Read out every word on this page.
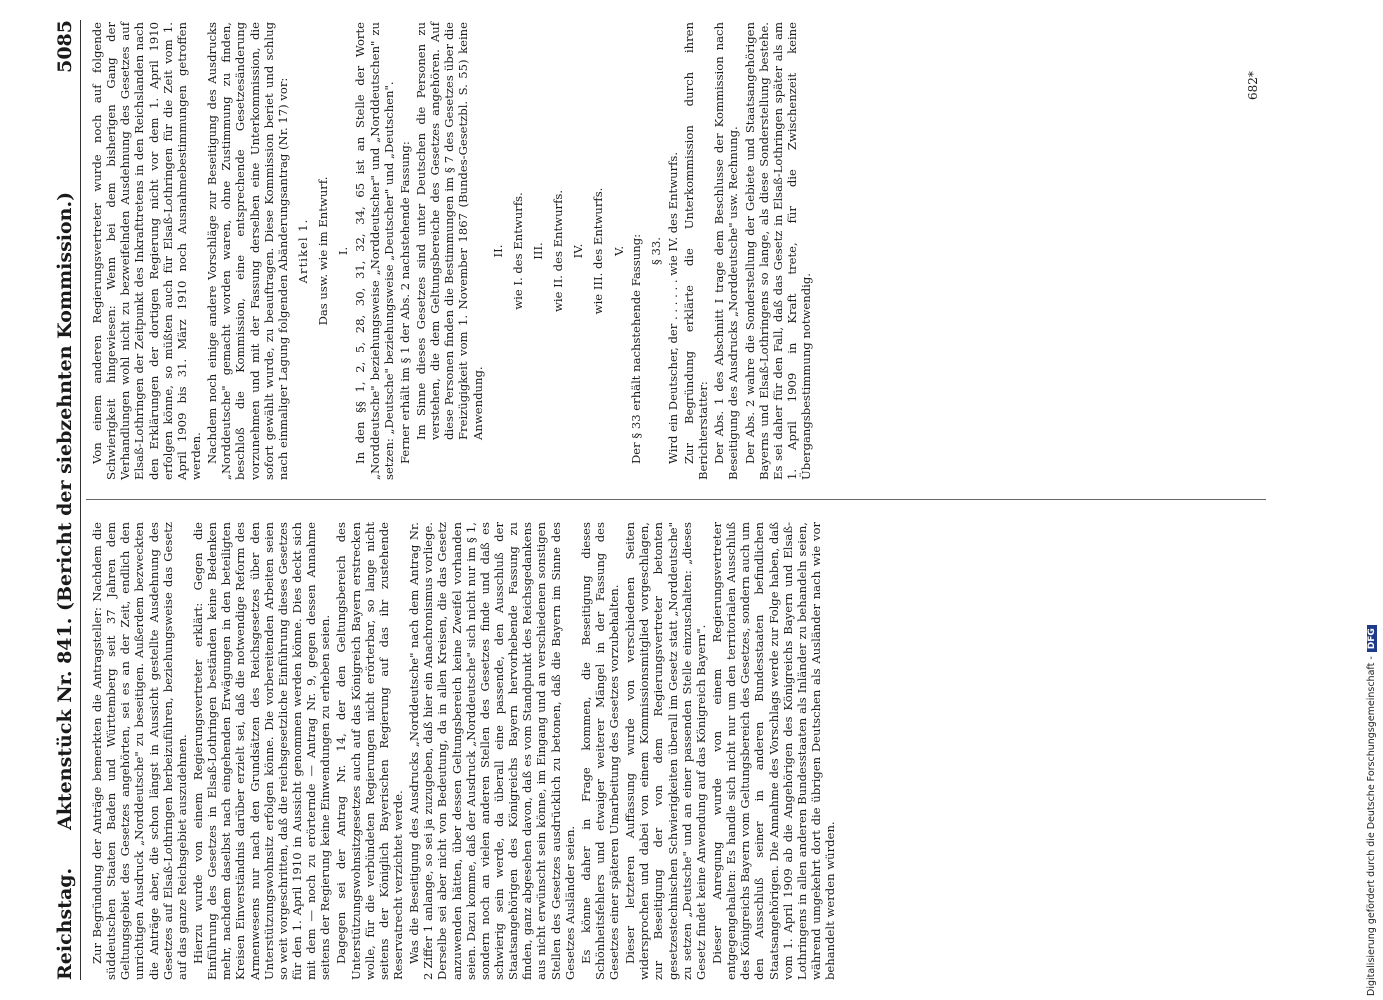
Reichstag.
Aktenstück Nr. 841. (Bericht der siebzehnten Kommission.)
5085

Zur Begründung der Anträge bemerkten die Antragsteller: Nachdem die süddeutschen Staaten Baden und Württemberg seit 37 Jahren dem Geltungsgebiet des Gesetzes angehörten, sei es an der Zeit, endlich den unrichtigen Ausdruck „Norddeutsche" zu beseitigen. Außerdem bezweckten die Anträge aber, die schon längst in Aussicht gestellte Ausdehnung des Gesetzes auf Elsaß-Lothringen herbeizuführen, beziehungsweise das Gesetz auf das ganze Reichsgebiet auszudehnen. Hierzu wurde von einem Regierungsvertreter erklärt: Gegen die Einführung des Gesetzes in Elsaß-Lothringen beständen keine Bedenken mehr, nachdem daselbst nach eingehenden Erwägungen in den beteiligten Kreisen Einverständnis darüber erzielt sei, daß die notwendige Reform des Armenwesens nur nach den Grundsätzen des Reichsgesetzes über den Unterstützungswohnsitz erfolgen könne. Die vorbereitenden Arbeiten seien so weit vorgeschritten, daß die reichsgesetzliche Einführung dieses Gesetzes für den 1. April 1910 in Aussicht genommen werden könne. Dies deckt sich mit dem — noch zu erörternde — Antrag Nr. 9, gegen dessen Annahme seitens der Regierung keine Einwendungen zu erheben seien. Dagegen sei der Antrag Nr. 14, der den Geltungsbereich des Unterstützungswohnsitzgesetzes auch auf das Königreich Bayern erstrecken wolle, für die verbündeten Regierungen nicht erörterbar, so lange nicht seitens der Königlich Bayerischen Regierung auf das ihr zustehende Reservatrecht verzichtet werde. Was die Beseitigung des Ausdrucks „Norddeutsche" nach dem Antrag Nr. 2 Ziffer 1 anlange, so sei ja zuzugeben, daß hier ein Anachronismus vorliege. Derselbe sei aber nicht von Bedeutung, da in allen Kreisen, die das Gesetz anzuwenden hätten, über dessen Geltungsbereich keine Zweifel vorhanden seien. Dazu komme, daß der Ausdruck „Norddeutsche" sich nicht nur im § 1, sondern noch an vielen anderen Stellen des Gesetzes finde und daß es schwierig sein werde, da überall eine passende, den Ausschluß der Staatsangehörigen des Königreichs Bayern hervorhebende Fassung zu finden, ganz abgesehen davon, daß es vom Standpunkt des Reichsgedankens aus nicht erwünscht sein könne, im Eingang und an verschiedenen sonstigen Stellen des Gesetzes ausdrücklich zu betonen, daß die Bayern im Sinne des Gesetzes Ausländer seien. Es könne daher in Frage kommen, die Beseitigung dieses Schönheitsfehlers und etwaiger weiterer Mängel in der Fassung des Gesetzes einer späteren Umarbeitung des Gesetzes vorzubehalten. Dieser letzteren Auffassung wurde von verschiedenen Seiten widersprochen und dabei von einem Kommissionsmitglied vorgeschlagen, zur Beseitigung der von dem Regierungsvertreter betonten gesetzestechnischen Schwierigkeiten überall im Gesetz statt „Norddeutsche" zu setzen „Deutsche" und an einer passenden Stelle einzuschalten: „dieses Gesetz findet keine Anwendung auf das Königreich Bayern". Dieser Anregung wurde von einem Regierungsvertreter entgegengehalten: Es handle sich nicht nur um den territorialen Ausschluß des Königreichs Bayern vom Geltungsbereich des Gesetzes, sondern auch um den Ausschluß seiner in anderen Bundesstaaten befindlichen Staatsangehörigen. Die Annahme des Vorschlags werde zur Folge haben, daß vom 1. April 1909 ab die Angehörigen des Königreichs Bayern und Elsaß-Lothringens in allen anderen Bundesstaaten als Inländer zu behandeln seien, während umgekehrt dort die übrigen Deutschen als Ausländer nach wie vor behandelt werden würden.

Von einem anderen Regierungsvertreter wurde noch auf folgende Schwierigkeit hingewiesen: Wenn bei dem bisherigen Gang der Verhandlungen wohl nicht zu bezweifelnden Ausdehnung des Gesetzes auf Elsaß-Lothringen der Zeitpunkt des Inkrafttretens in den Reichslanden nach den Erklärungen der dortigen Regierung nicht vor dem 1. April 1910 erfolgen könne, so müßten auch für Elsaß-Lothringen für die Zeit vom 1. April 1909 bis 31. März 1910 noch Ausnahmebestimmungen getroffen werden. Nachdem noch einige andere Vorschläge zur Beseitigung des Ausdrucks „Norddeutsche" gemacht worden waren, ohne Zustimmung zu finden, beschloß die Kommission, eine entsprechende Gesetzesänderung vorzunehmen und mit der Fassung derselben eine Unterkommission, die sofort gewählt wurde, zu beauftragen. Diese Kommission beriet und schlug nach einmaliger Lagung folgenden Abänderungsantrag (Nr. 17) vor: Artikel 1. Das usw. wie im Entwurf. I. In den §§ 1, 2, 5, 28, 30, 31, 32, 34, 65 ist an Stelle der Worte „Norddeutsche" beziehungsweise „Norddeutscher" und „Norddeutschen" zu setzen: „Deutsche" beziehungsweise „Deutscher" und „Deutschen". Ferner erhält im § 1 der Abs. 2 nachstehende Fassung: Im Sinne dieses Gesetzes sind unter Deutschen die Personen zu verstehen, die dem Geltungsbereiche des Gesetzes angehören. Auf diese Personen finden die Bestimmungen im § 7 des Gesetzes über die Freizügigkeit vom 1. November 1867 (Bundes-Gesetzbl. S. 55) keine Anwendung.

II. wie I. des Entwurfs. III. wie II. des Entwurfs. IV. wie III. des Entwurfs. V. Der § 33 erhält nachstehende Fassung: § 33. Wird ein Deutscher, der . . . . . . wie IV. des Entwurfs. Zur Begründung erklärte die Unterkommission durch ihren Berichterstatter: Der Abs. 1 des Abschnitt I trage dem Beschlusse der Kommission nach Beseitigung des Ausdrucks „Norddeutsche" usw. Rechnung. Der Abs. 2 wahre die Sonderstellung der Gebiete und Staatsangehörigen Bayerns und Elsaß-Lothringens so lange, als diese Sonderstellung bestehe. Es sei daher für den Fall, daß das Gesetz in Elsaß-Lothringen später als am 1. April 1909 in Kraft trete, für die Zwischenzeit keine Übergangsbestimmung notwendig.

682*
Digitalisierung gefördert durch die Deutsche Forschungsgemeinschaft -DFG
